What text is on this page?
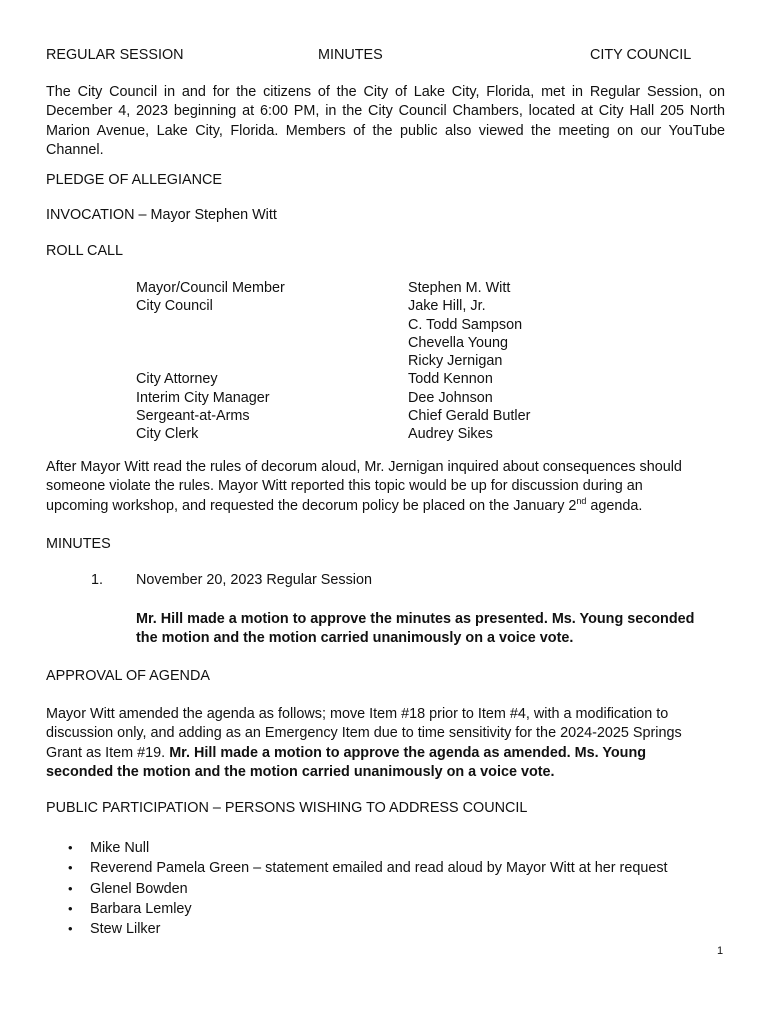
REGULAR SESSION	MINUTES	CITY COUNCIL

The City Council in and for the citizens of the City of Lake City, Florida, met in Regular Session, on December 4, 2023 beginning at 6:00 PM, in the City Council Chambers, located at City Hall 205 North Marion Avenue, Lake City, Florida. Members of the public also viewed the meeting on our YouTube Channel.

PLEDGE OF ALLEGIANCE

INVOCATION – Mayor Stephen Witt

ROLL CALL

Mayor/Council Member
City Council

City Attorney
Interim City Manager
Sergeant-at-Arms
City Clerk
Stephen M. Witt
Jake Hill, Jr.
C. Todd Sampson
Chevella Young
Ricky Jernigan
Todd Kennon
Dee Johnson
Chief Gerald Butler
Audrey Sikes
After Mayor Witt read the rules of decorum aloud, Mr. Jernigan inquired about consequences should
someone violate the rules. Mayor Witt reported this topic would be up for discussion during an
upcoming workshop, and requested the decorum policy be placed on the January 2nd agenda.

MINUTES

1. November 20, 2023 Regular Session

Mr. Hill made a motion to approve the minutes as presented. Ms. Young seconded
the motion and the motion carried unanimously on a voice vote.

APPROVAL OF AGENDA

Mayor Witt amended the agenda as follows; move Item #18 prior to Item #4, with a modification to
discussion only, and adding as an Emergency Item due to time sensitivity for the 2024-2025 Springs
Grant as Item #19. Mr. Hill made a motion to approve the agenda as amended. Ms. Young
seconded the motion and the motion carried unanimously on a voice vote.

PUBLIC PARTICIPATION – PERSONS WISHING TO ADDRESS COUNCIL

• Mike Null
• Reverend Pamela Green – statement emailed and read aloud by Mayor Witt at her request
• Glenel Bowden
• Barbara Lemley
• Stew Lilker

1
